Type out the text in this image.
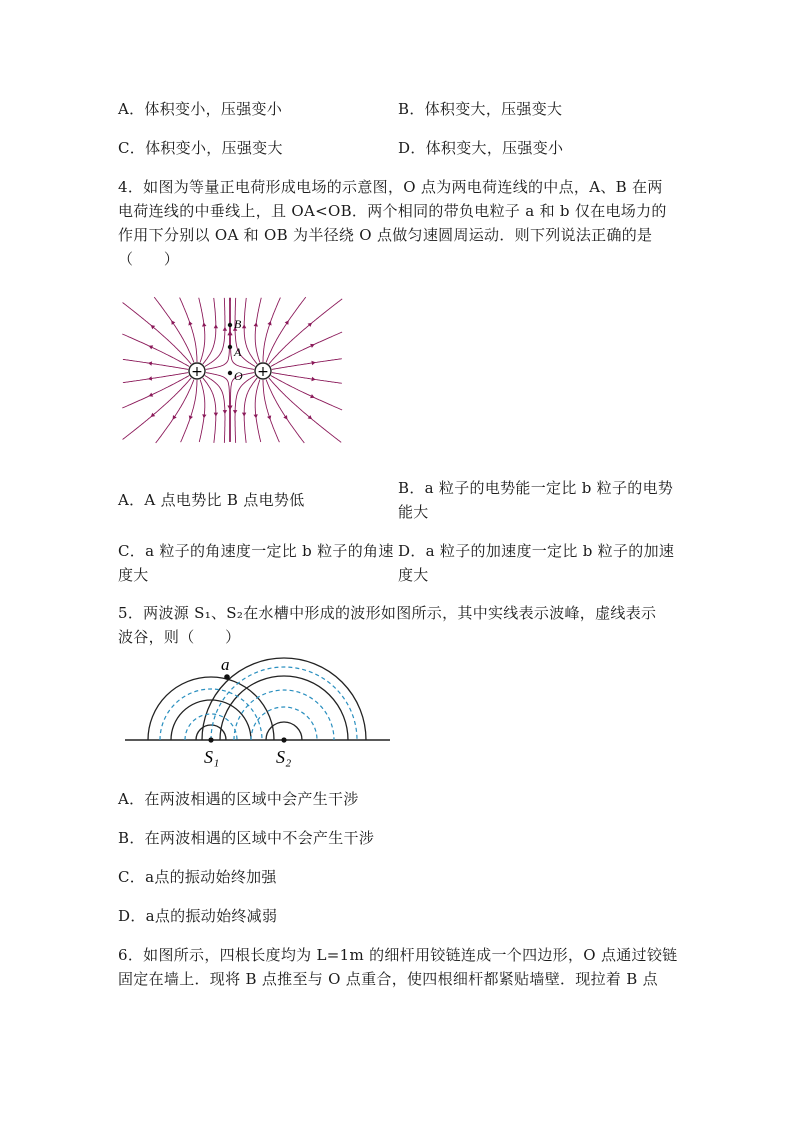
A．体积变小，压强变小	B．体积变大，压强变大
C．体积变小，压强变大	D．体积变大，压强变小
4．如图为等量正电荷形成电场的示意图，O 点为两电荷连线的中点，A、B 在两
电荷连线的中垂线上，且 OA<OB．两个相同的带负电粒子 a 和 b 仅在电场力的
作用下分别以 OA 和 OB 为半径绕 O 点做匀速圆周运动．则下列说法正确的是
（　　）
+	+
B
A
O
A．A 点电势比 B 点电势低
B．a 粒子的电势能一定比 b 粒子的电势
能大
C．a 粒子的角速度一定比 b 粒子的角速
度大
D．a 粒子的加速度一定比 b 粒子的加速
度大
5．两波源 S₁、S₂在水槽中形成的波形如图所示，其中实线表示波峰，虚线表示
波谷，则（　　）
a
S₁	S₂
A．在两波相遇的区域中会产生干涉
B．在两波相遇的区域中不会产生干涉
C．a点的振动始终加强
D．a点的振动始终减弱
6．如图所示，四根长度均为 L=1m 的细杆用铰链连成一个四边形，O 点通过铰链
固定在墙上．现将 B 点推至与 O 点重合，使四根细杆都紧贴墙壁．现拉着 B 点
